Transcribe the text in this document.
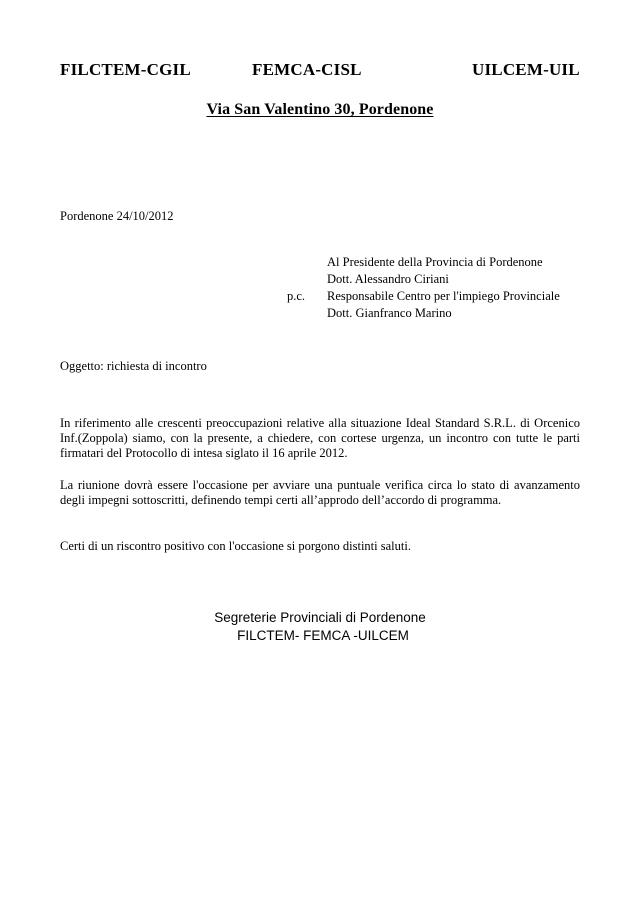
FILCTEM-CGIL	FEMCA-CISL	UILCEM-UIL
Via San Valentino 30, Pordenone
Pordenone 24/10/2012
Al Presidente della Provincia di Pordenone
Dott. Alessandro Ciriani
p.c. Responsabile Centro per l'impiego Provinciale
Dott. Gianfranco Marino
Oggetto: richiesta di incontro

In riferimento alle crescenti preoccupazioni relative alla situazione Ideal Standard S.R.L. di Orcenico Inf.(Zoppola) siamo, con la presente, a chiedere, con cortese urgenza, un incontro con tutte le parti firmatari del Protocollo di intesa siglato il 16 aprile 2012.

La riunione dovrà essere l'occasione per avviare una puntuale verifica circa lo stato di avanzamento degli impegni sottoscritti, definendo tempi certi all’approdo dell’accordo di programma.

Certi di un riscontro positivo con l'occasione si porgono distinti saluti.

Segreterie Provinciali di Pordenone
FILCTEM- FEMCA -UILCEM
